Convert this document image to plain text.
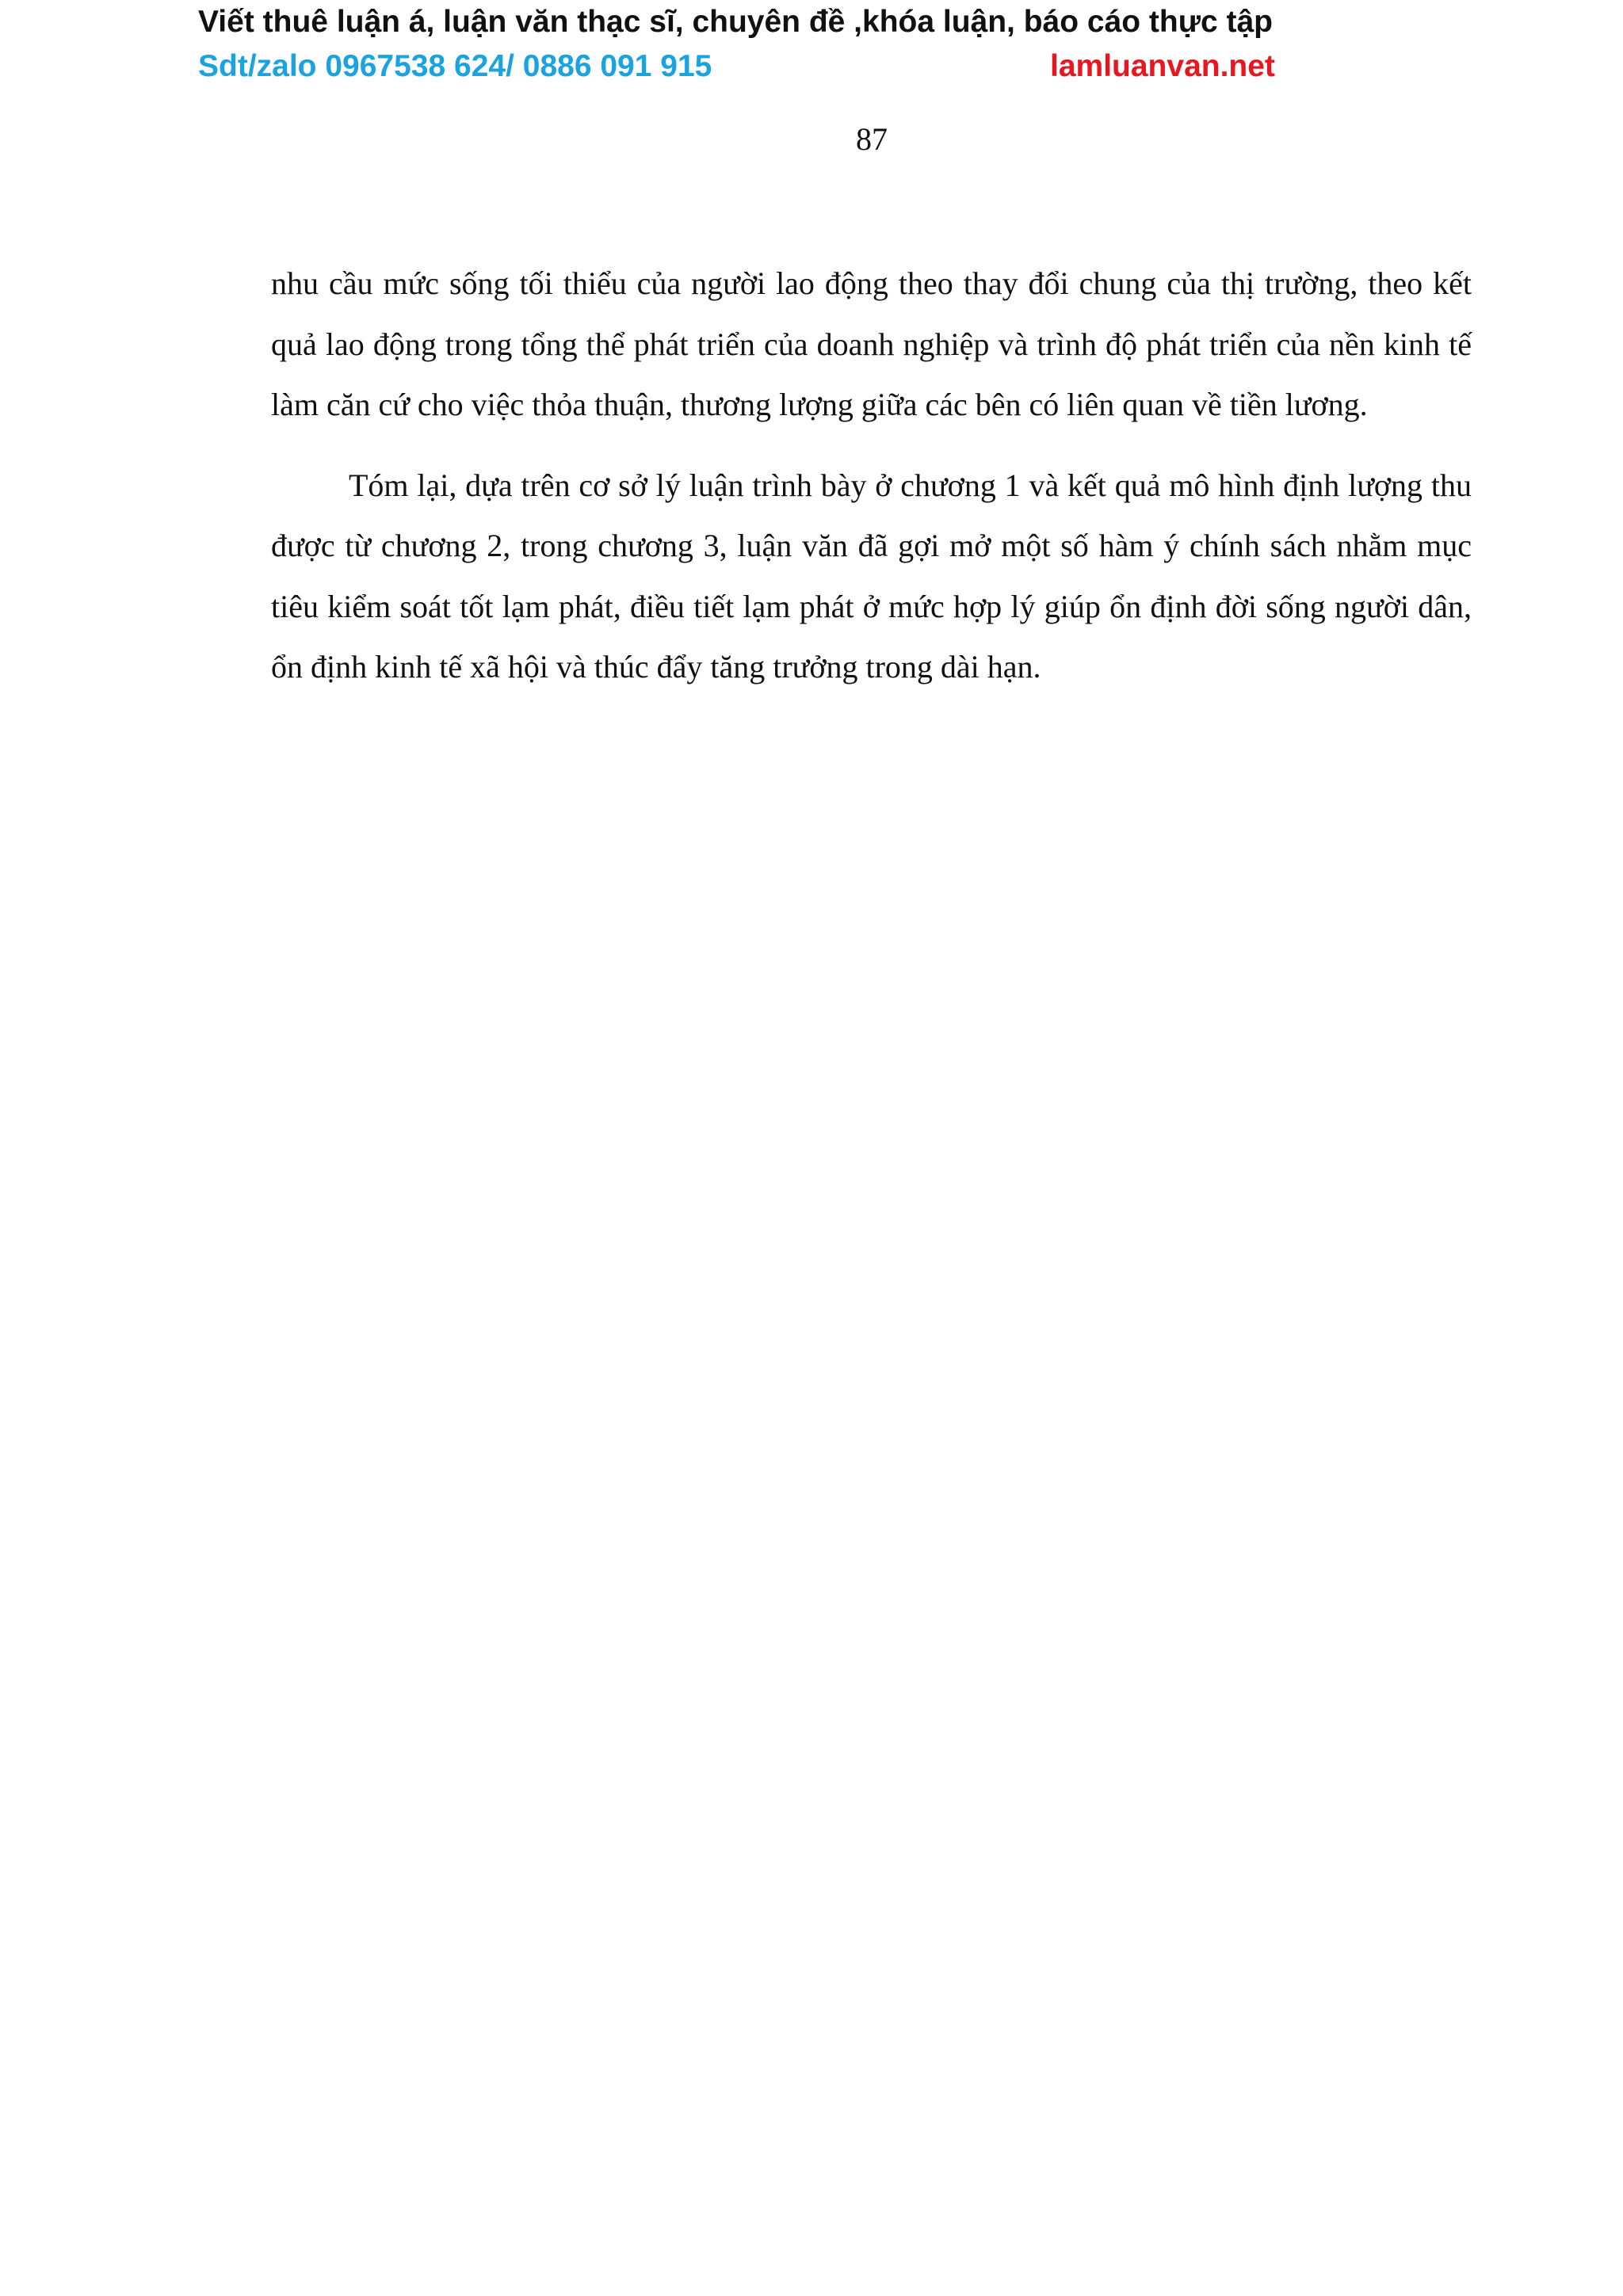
Viết thuê luận á, luận văn thạc sĩ, chuyên đề ,khóa luận, báo cáo thực tập
Sdt/zalo 0967538 624/ 0886 091 915	lamluanvan.net
87

nhu cầu mức sống tối thiểu của người lao động theo thay đổi chung của thị trường, theo kết quả lao động trong tổng thể phát triển của doanh nghiệp và trình độ phát triển của nền kinh tế làm căn cứ cho việc thỏa thuận, thương lượng giữa các bên có liên quan về tiền lương.

Tóm lại, dựa trên cơ sở lý luận trình bày ở chương 1 và kết quả mô hình định lượng thu được từ chương 2, trong chương 3, luận văn đã gợi mở một số hàm ý chính sách nhằm mục tiêu kiểm soát tốt lạm phát, điều tiết lạm phát ở mức hợp lý giúp ổn định đời sống người dân, ổn định kinh tế xã hội và thúc đẩy tăng trưởng trong dài hạn.
